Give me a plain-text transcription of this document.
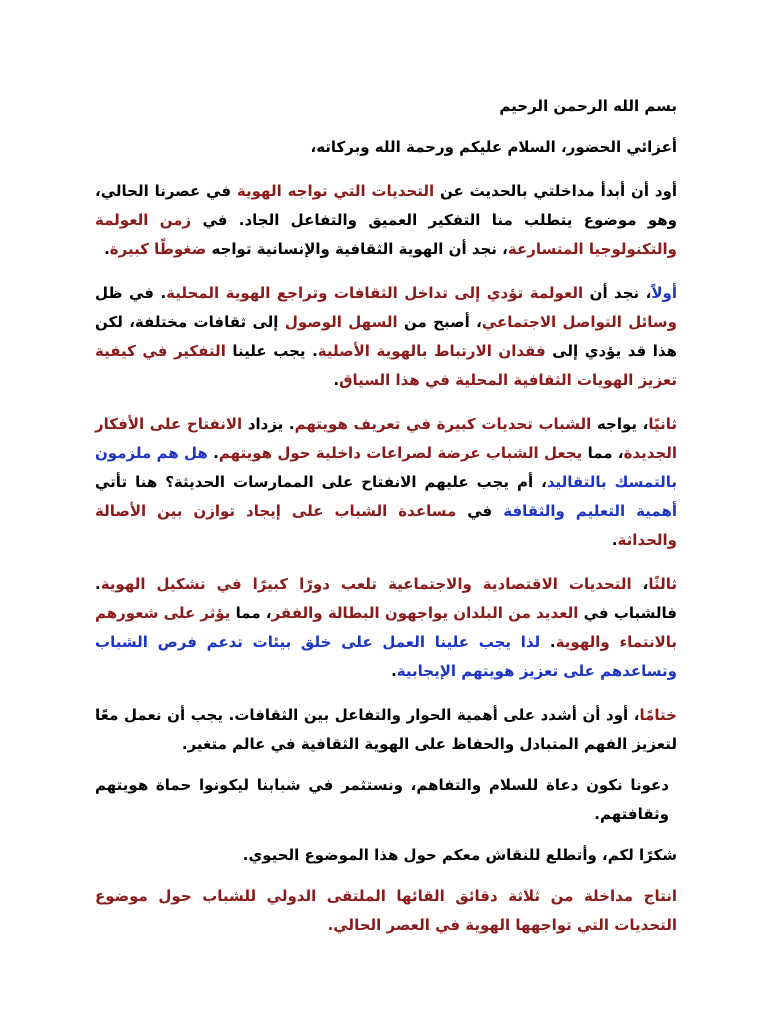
بسم الله الرحمن الرحيم

أعزائي الحضور، السلام عليكم ورحمة الله وبركاته،

أود أن أبدأ مداخلتي بالحديث عن التحديات التي تواجه الهوية في عصرنا الحالي، وهو موضوع يتطلب منا التفكير العميق والتفاعل الجاد. في زمن العولمة والتكنولوجيا المتسارعة، نجد أن الهوية الثقافية والإنسانية تواجه ضغوطًا كبيرة.

أولاً، نجد أن العولمة تؤدي إلى تداخل الثقافات وتراجع الهوية المحلية. في ظل وسائل التواصل الاجتماعي، أصبح من السهل الوصول إلى ثقافات مختلفة، لكن هذا قد يؤدي إلى فقدان الارتباط بالهوية الأصلية. يجب علينا التفكير في كيفية تعزيز الهويات الثقافية المحلية في هذا السياق.

ثانيًا، يواجه الشباب تحديات كبيرة في تعريف هويتهم. يزداد الانفتاح على الأفكار الجديدة، مما يجعل الشباب عرضة لصراعات داخلية حول هويتهم. هل هم ملزمون بالتمسك بالتقاليد، أم يجب عليهم الانفتاح على الممارسات الحديثة؟ هنا تأتي أهمية التعليم والثقافة في مساعدة الشباب على إيجاد توازن بين الأصالة والحداثة.

ثالثًا، التحديات الاقتصادية والاجتماعية تلعب دورًا كبيرًا في تشكيل الهوية. فالشباب في العديد من البلدان يواجهون البطالة والفقر، مما يؤثر على شعورهم بالانتماء والهوية. لذا يجب علينا العمل على خلق بيئات تدعم فرص الشباب وتساعدهم على تعزيز هويتهم الإيجابية.

ختامًا، أود أن أشدد على أهمية الحوار والتفاعل بين الثقافات. يجب أن نعمل معًا لتعزيز الفهم المتبادل والحفاظ على الهوية الثقافية في عالم متغير.

دعونا نكون دعاة للسلام والتفاهم، ونستثمر في شبابنا ليكونوا حماة هويتهم وثقافتهم.

شكرًا لكم، وأتطلع للنقاش معكم حول هذا الموضوع الحيوي.

انتاج مداخلة من ثلاثة دقائق القائها الملتقى الدولي للشباب حول موضوع التحديات التي تواجهها الهوية في العصر الحالي.
